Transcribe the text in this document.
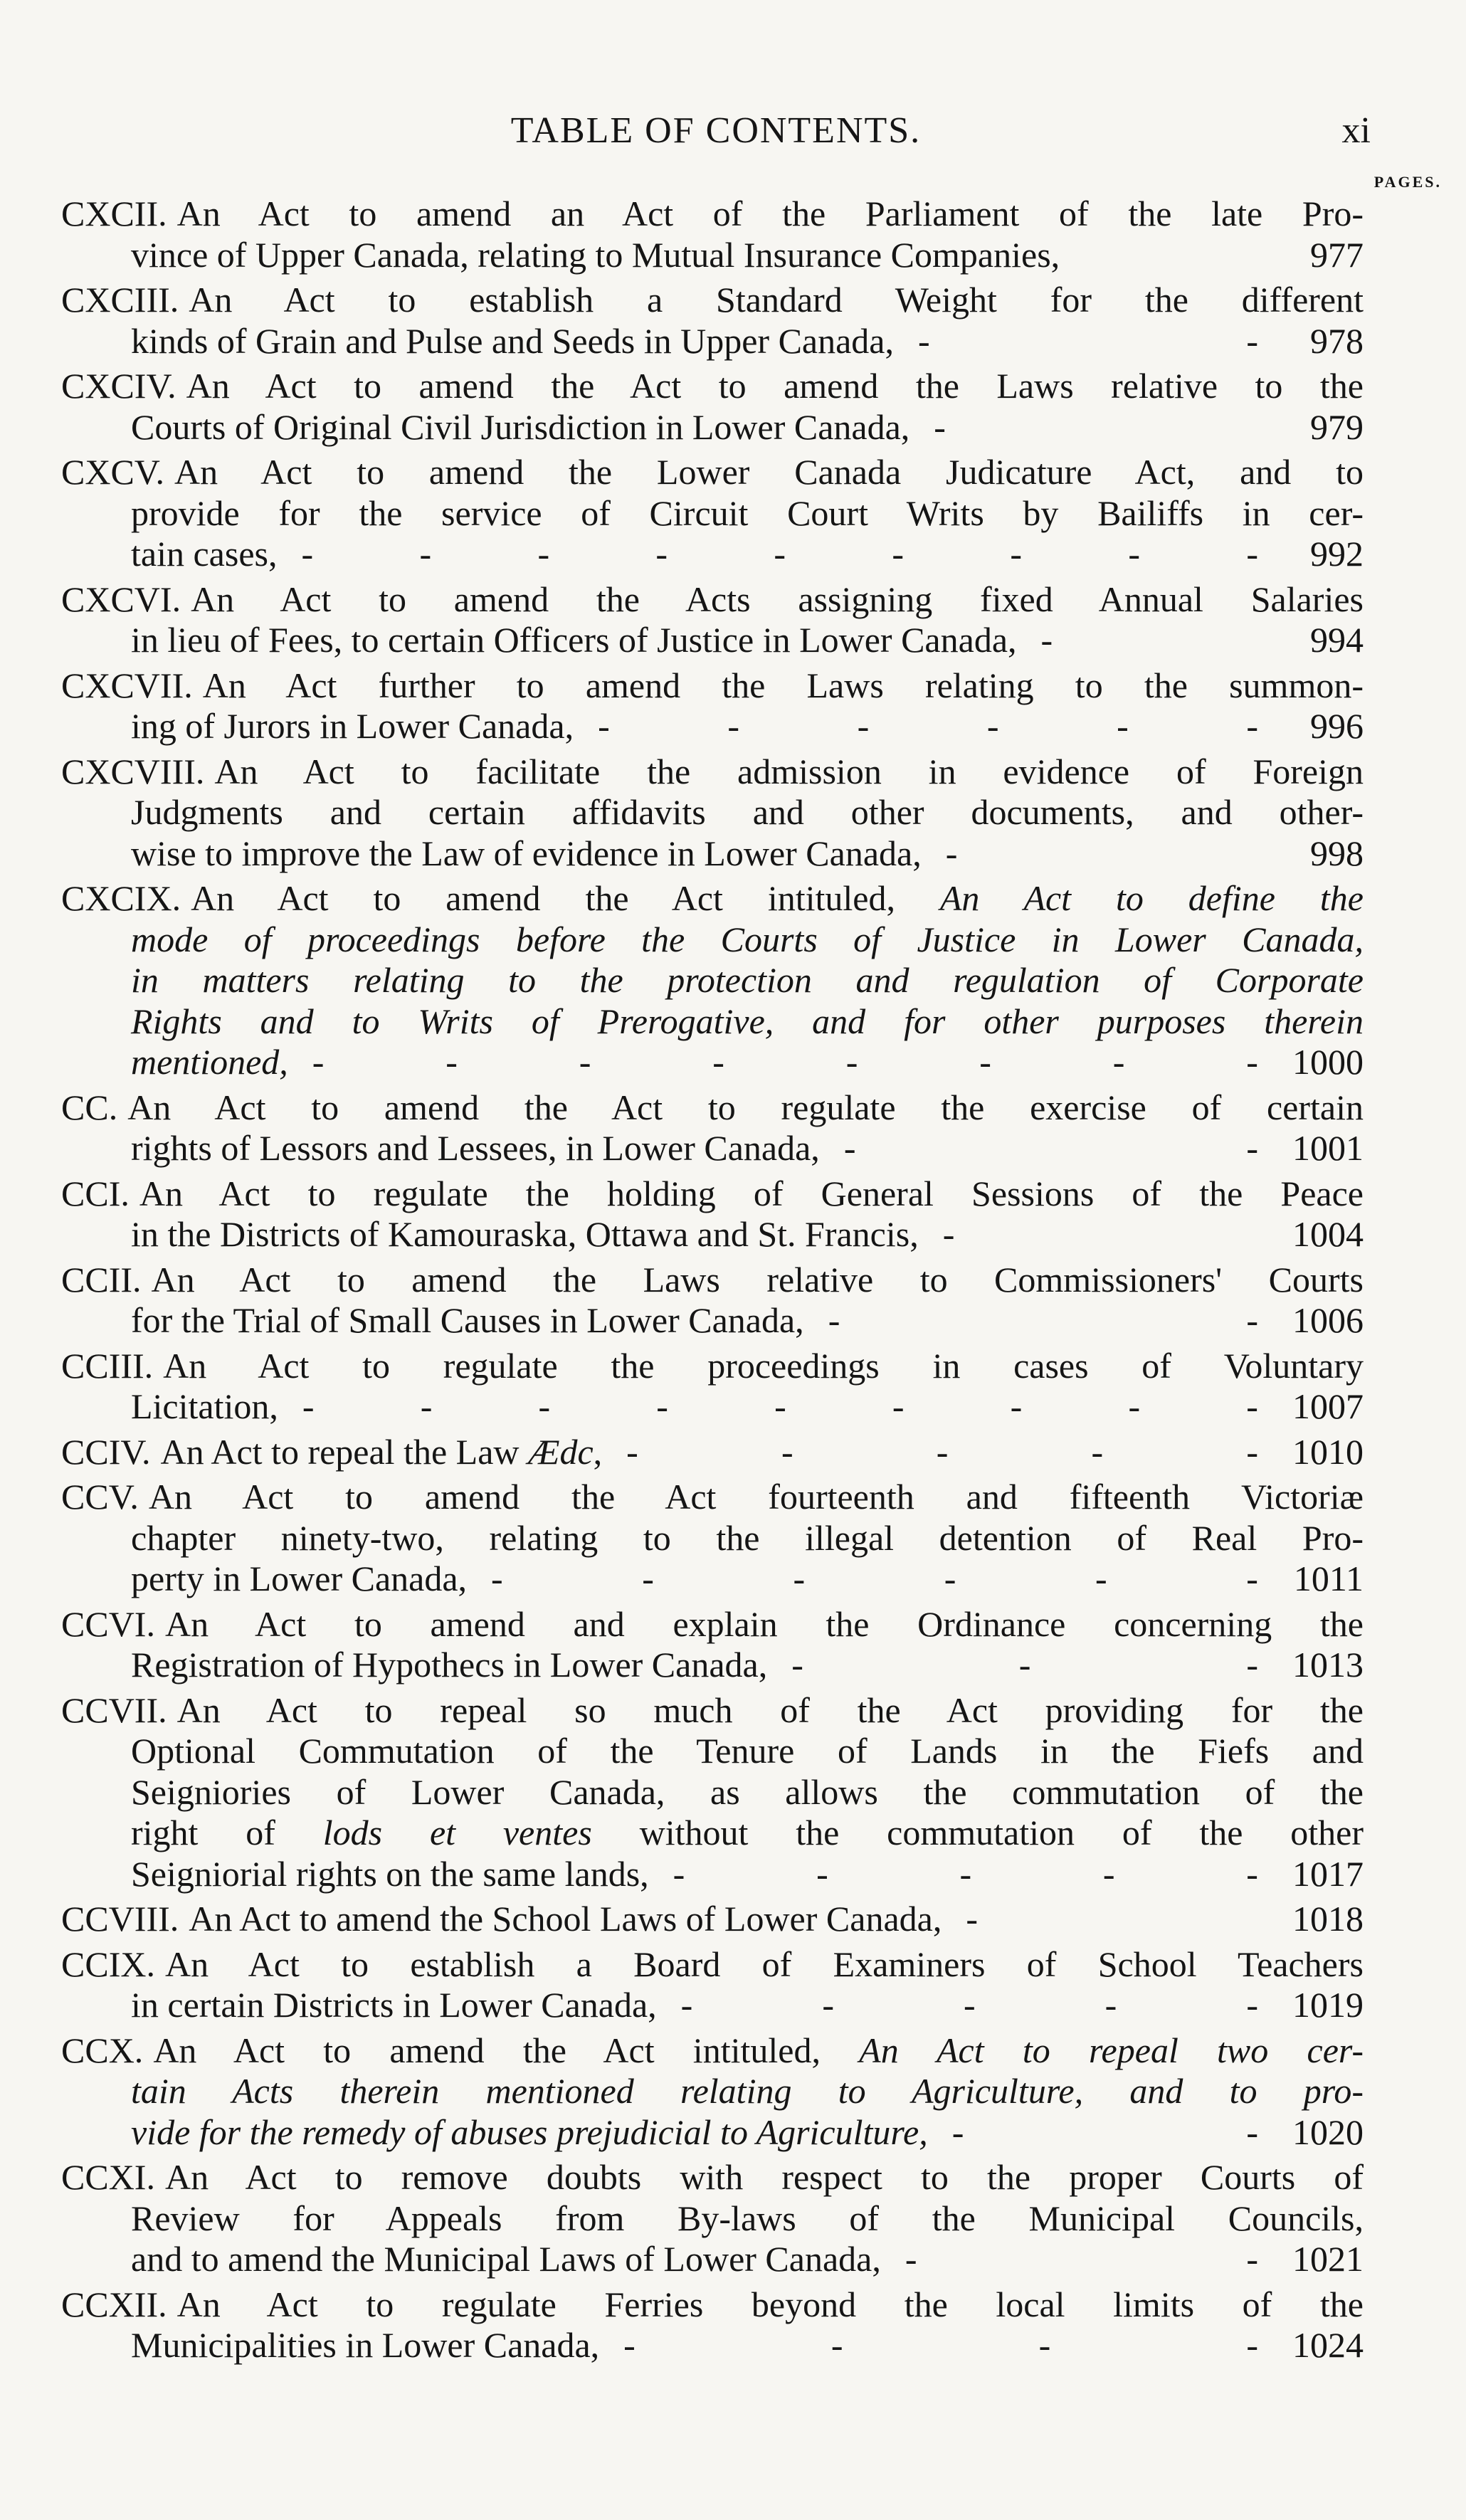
TABLE OF CONTENTS.	xi
PAGES.
CXCII. An Act to amend an Act of the Parliament of the late Pro-
vince of Upper Canada, relating to Mutual Insurance Companies,	977
CXCIII. An Act to establish a Standard Weight for the different
kinds of Grain and Pulse and Seeds in Upper Canada, -	-	978
CXCIV. An Act to amend the Act to amend the Laws relative to the
Courts of Original Civil Jurisdiction in Lower Canada, -	979
CXCV. An Act to amend the Lower Canada Judicature Act, and to
provide for the service of Circuit Court Writs by Bailiffs in cer-
tain cases, -	-	-	-	-	-	-	-	-	992
CXCVI. An Act to amend the Acts assigning fixed Annual Salaries
in lieu of Fees, to certain Officers of Justice in Lower Canada, -	994
CXCVII. An Act further to amend the Laws relating to the summon-
ing of Jurors in Lower Canada, -	-	-	-	-	-	996
CXCVIII. An Act to facilitate the admission in evidence of Foreign
Judgments and certain affidavits and other documents, and other-
wise to improve the Law of evidence in Lower Canada, -	998
CXCIX. An Act to amend the Act intituled, An Act to define the
mode of proceedings before the Courts of Justice in Lower Canada,
in matters relating to the protection and regulation of Corporate
Rights and to Writs of Prerogative, and for other purposes therein
mentioned, -	-	-	-	-	-	-	- 1000
CC. An Act to amend the Act to regulate the exercise of certain
rights of Lessors and Lessees, in Lower Canada, -	- 1001
CCI. An Act to regulate the holding of General Sessions of the Peace
in the Districts of Kamouraska, Ottawa and St. Francis, -	1004
CCII. An Act to amend the Laws relative to Commissioners' Courts
for the Trial of Small Causes in Lower Canada, -	- 1006
CCIII. An Act to regulate the proceedings in cases of Voluntary
Licitation, -	-	-	-	-	-	-	-	- 1007
CCIV. An Act to repeal the Law Ædc, -	-	-	-	- 1010
CCV. An Act to amend the Act fourteenth and fifteenth Victoriæ
chapter ninety-two, relating to the illegal detention of Real Pro-
perty in Lower Canada, -	-	-	-	-	- 1011
CCVI. An Act to amend and explain the Ordinance concerning the
Registration of Hypothecs in Lower Canada, -	-	- 1013
CCVII. An Act to repeal so much of the Act providing for the
Optional Commutation of the Tenure of Lands in the Fiefs and
Seigniories of Lower Canada, as allows the commutation of the
right of lods et ventes without the commutation of the other
Seigniorial rights on the same lands, -	-	-	-	- 1017
CCVIII. An Act to amend the School Laws of Lower Canada, -	1018
CCIX. An Act to establish a Board of Examiners of School Teachers
in certain Districts in Lower Canada, -	-	-	-	- 1019
CCX. An Act to amend the Act intituled, An Act to repeal two cer-
tain Acts therein mentioned relating to Agriculture, and to pro-
vide for the remedy of abuses prejudicial to Agriculture, -	- 1020
CCXI. An Act to remove doubts with respect to the proper Courts of
Review for Appeals from By-laws of the Municipal Councils,
and to amend the Municipal Laws of Lower Canada, -	- 1021
CCXII. An Act to regulate Ferries beyond the local limits of the
Municipalities in Lower Canada, -	-	-	- 1024
